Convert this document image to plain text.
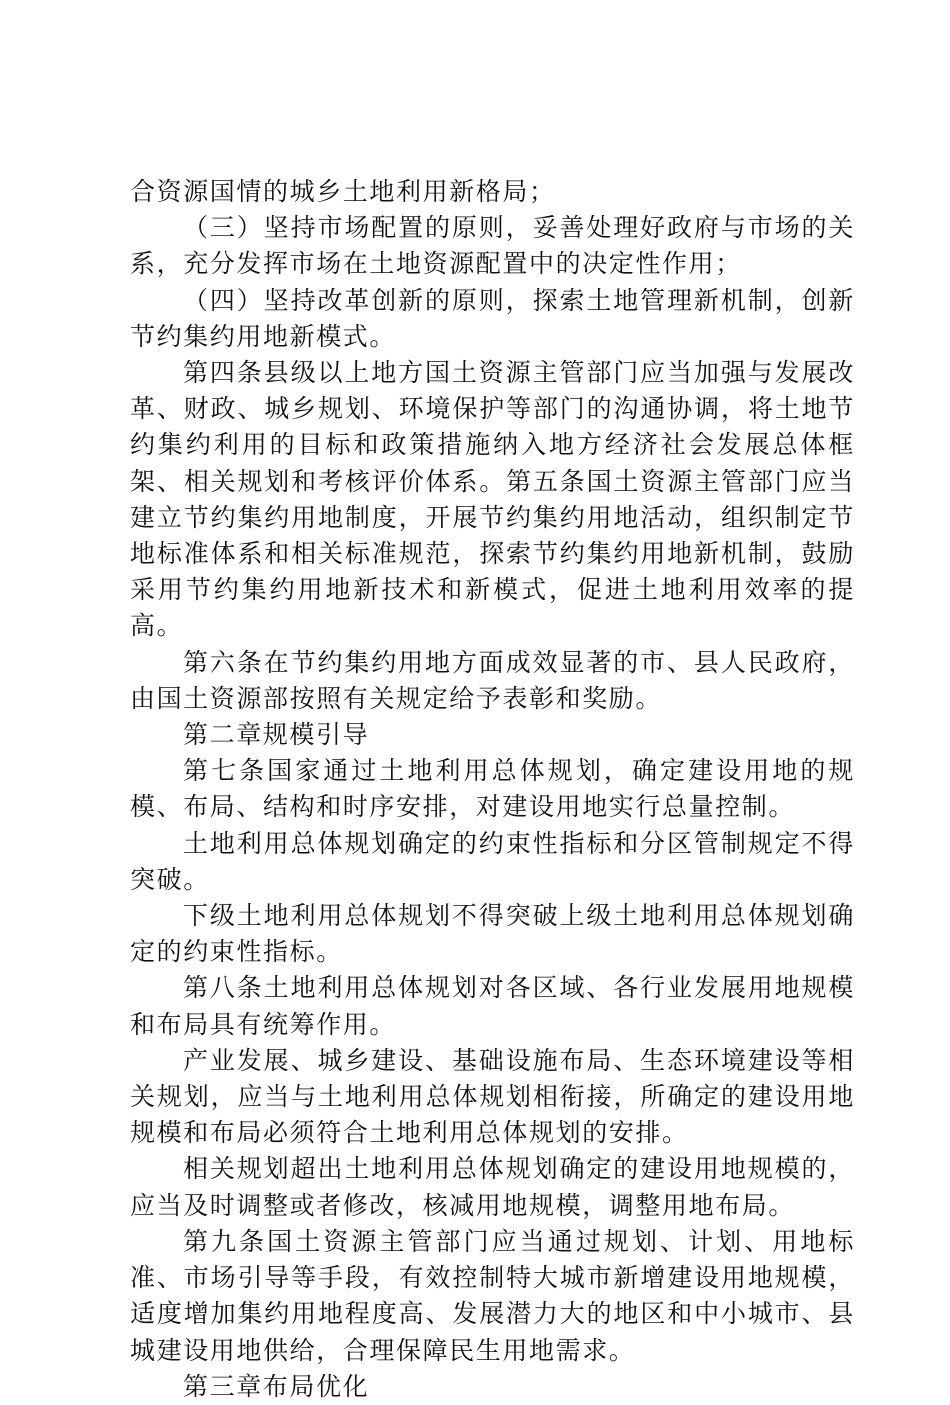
合资源国情的城乡土地利用新格局；

（三）坚持市场配置的原则，妥善处理好政府与市场的关系，充分发挥市场在土地资源配置中的决定性作用；

（四）坚持改革创新的原则，探索土地管理新机制，创新节约集约用地新模式。

第四条县级以上地方国土资源主管部门应当加强与发展改革、财政、城乡规划、环境保护等部门的沟通协调，将土地节约集约利用的目标和政策措施纳入地方经济社会发展总体框架、相关规划和考核评价体系。第五条国土资源主管部门应当建立节约集约用地制度，开展节约集约用地活动，组织制定节地标准体系和相关标准规范，探索节约集约用地新机制，鼓励采用节约集约用地新技术和新模式，促进土地利用效率的提高。

第六条在节约集约用地方面成效显著的市、县人民政府，由国土资源部按照有关规定给予表彰和奖励。

第二章规模引导

第七条国家通过土地利用总体规划，确定建设用地的规模、布局、结构和时序安排，对建设用地实行总量控制。

土地利用总体规划确定的约束性指标和分区管制规定不得突破。

下级土地利用总体规划不得突破上级土地利用总体规划确定的约束性指标。

第八条土地利用总体规划对各区域、各行业发展用地规模和布局具有统筹作用。

产业发展、城乡建设、基础设施布局、生态环境建设等相关规划，应当与土地利用总体规划相衔接，所确定的建设用地规模和布局必须符合土地利用总体规划的安排。

相关规划超出土地利用总体规划确定的建设用地规模的，应当及时调整或者修改，核减用地规模，调整用地布局。

第九条国土资源主管部门应当通过规划、计划、用地标准、市场引导等手段，有效控制特大城市新增建设用地规模，适度增加集约用地程度高、发展潜力大的地区和中小城市、县城建设用地供给，合理保障民生用地需求。

第三章布局优化
